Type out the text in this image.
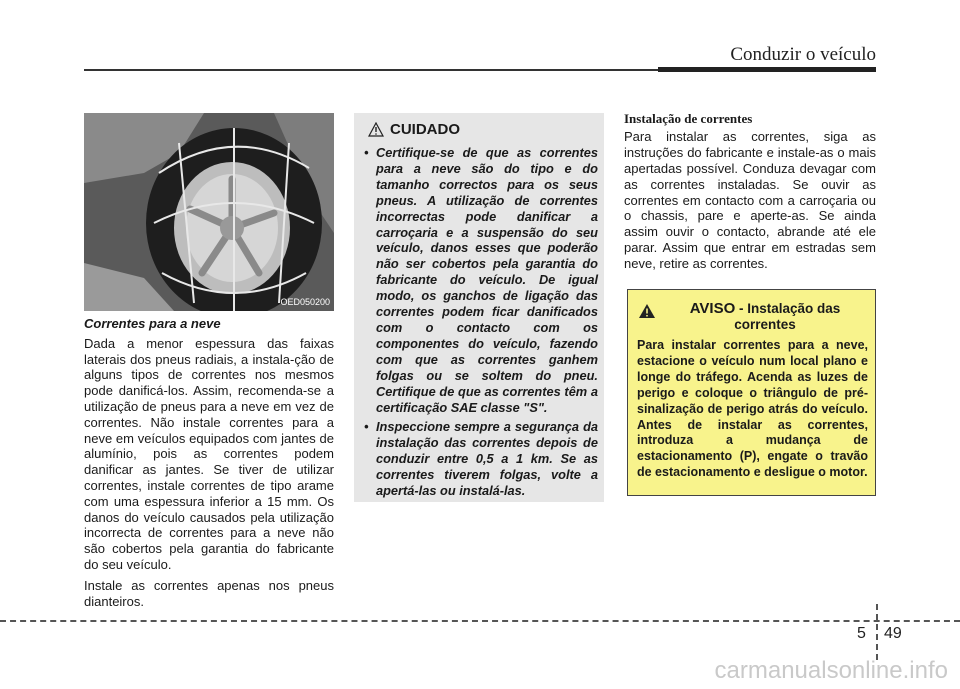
Conduzir o veículo
OED050200

Correntes para a neve

Dada a menor espessura das faixas laterais dos pneus radiais, a instala-ção de alguns tipos de correntes nos mesmos pode danificá-los. Assim, recomenda-se a utilização de pneus para a neve em vez de correntes. Não instale correntes para a neve em veículos equipados com jantes de alumínio, pois as correntes podem danificar as jantes. Se tiver de utilizar correntes, instale correntes de tipo arame com uma espessura inferior a 15 mm. Os danos do veículo causados pela utilização incorrecta de correntes para a neve não são cobertos pela garantia do fabricante do seu veículo.

Instale as correntes apenas nos pneus dianteiros.

CUIDADO
• Certifique-se de que as correntes para a neve são do tipo e do tamanho correctos para os seus pneus. A utilização de correntes incorrectas pode danificar a carroçaria e a suspensão do seu veículo, danos esses que poderão não ser cobertos pela garantia do fabricante do veículo. De igual modo, os ganchos de ligação das correntes podem ficar danificados com o contacto com os componentes do veículo, fazendo com que as correntes ganhem folgas ou se soltem do pneu. Certifique de que as correntes têm a certificação SAE classe "S".
• Inspeccione sempre a segurança da instalação das correntes depois de conduzir entre 0,5 a 1 km. Se as correntes tiverem folgas, volte a apertá-las ou instalá-las.

Instalação de correntes

Para instalar as correntes, siga as instruções do fabricante e instale-as o mais apertadas possível. Conduza devagar com as correntes instaladas. Se ouvir as correntes em contacto com a carroçaria ou o chassis, pare e aperte-as. Se ainda assim ouvir o contacto, abrande até ele parar. Assim que entrar em estradas sem neve, retire as correntes.

AVISO - Instalação das correntes

Para instalar correntes para a neve, estacione o veículo num local plano e longe do tráfego. Acenda as luzes de perigo e coloque o triângulo de pré-sinalização de perigo atrás do veículo. Antes de instalar as correntes, introduza a mudança de estacionamento (P), engate o travão de estacionamento e desligue o motor.

5 49
carmanualsonline.info
